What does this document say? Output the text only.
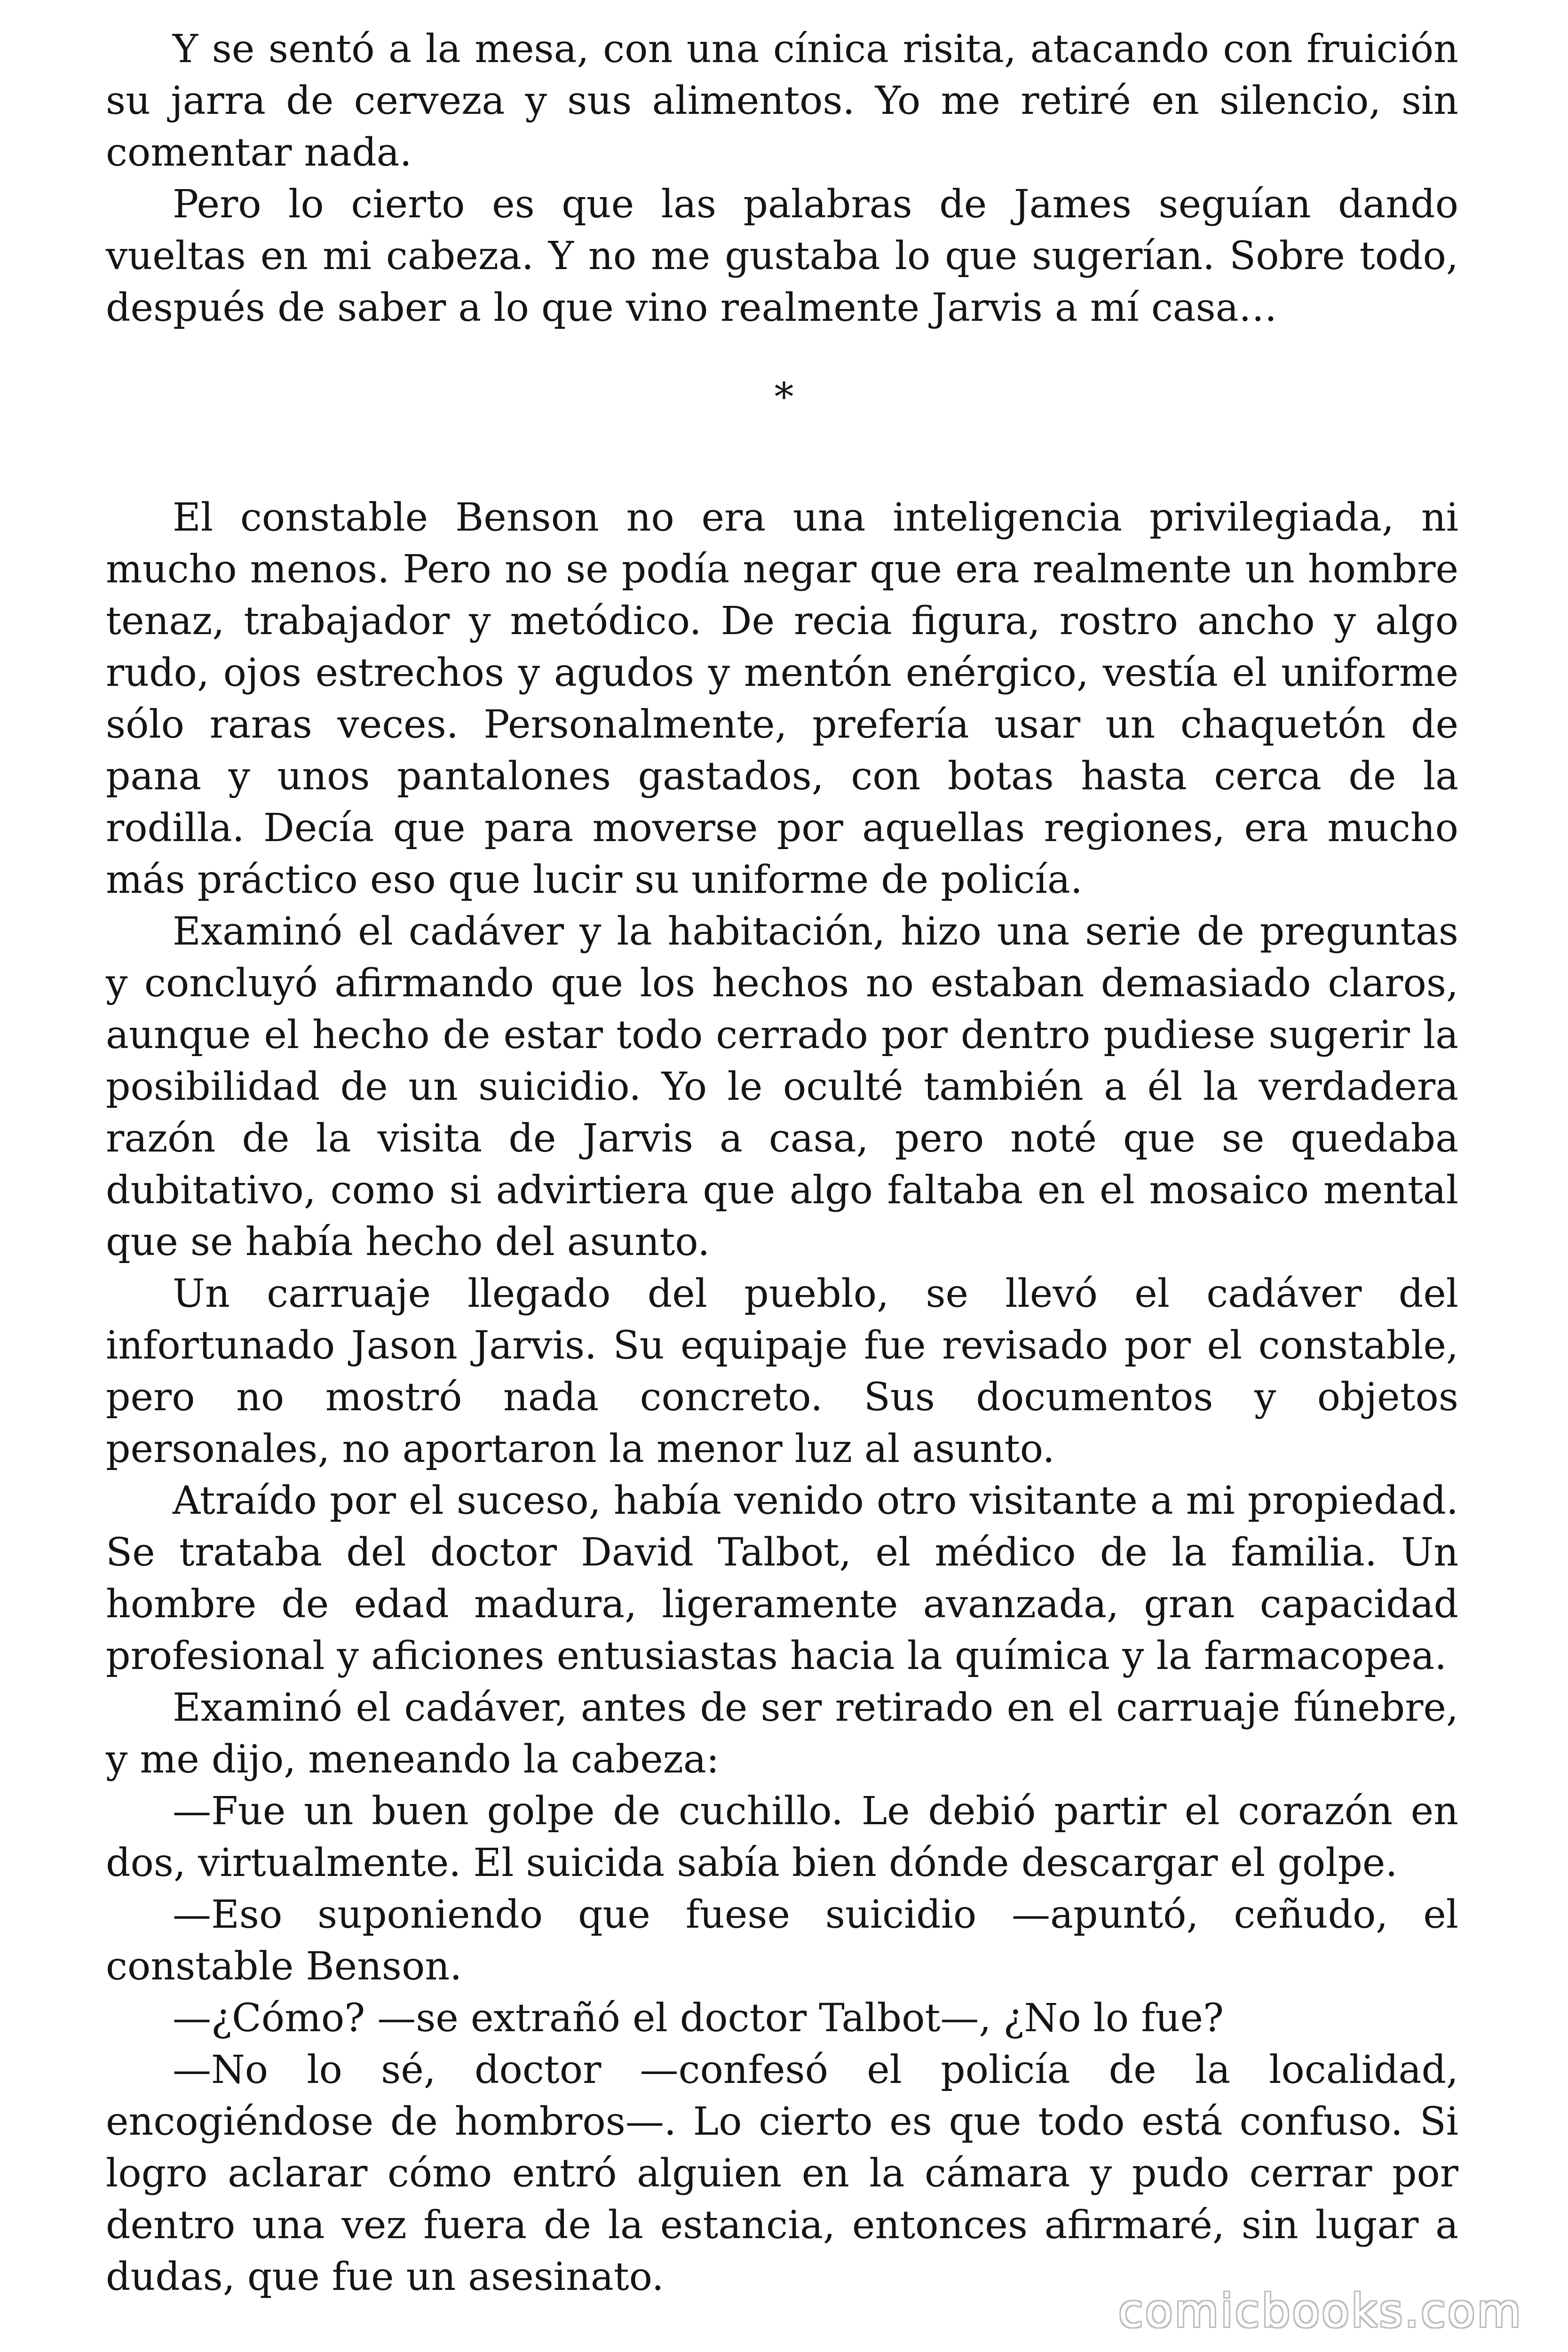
Y se sentó a la mesa, con una cínica risita, atacando con fruición su jarra de cerveza y sus alimentos. Yo me retiré en silencio, sin comentar nada.

Pero lo cierto es que las palabras de James seguían dando vueltas en mi cabeza. Y no me gustaba lo que sugerían. Sobre todo, después de saber a lo que vino realmente Jarvis a mí casa…

*

El constable Benson no era una inteligencia privilegiada, ni mucho menos. Pero no se podía negar que era realmente un hombre tenaz, trabajador y metódico. De recia figura, rostro ancho y algo rudo, ojos estrechos y agudos y mentón enérgico, vestía el uniforme sólo raras veces. Personalmente, prefería usar un chaquetón de pana y unos pantalones gastados, con botas hasta cerca de la rodilla. Decía que para moverse por aquellas regiones, era mucho más práctico eso que lucir su uniforme de policía.

Examinó el cadáver y la habitación, hizo una serie de preguntas y concluyó afirmando que los hechos no estaban demasiado claros, aunque el hecho de estar todo cerrado por dentro pudiese sugerir la posibilidad de un suicidio. Yo le oculté también a él la verdadera razón de la visita de Jarvis a casa, pero noté que se quedaba dubitativo, como si advirtiera que algo faltaba en el mosaico mental que se había hecho del asunto.

Un carruaje llegado del pueblo, se llevó el cadáver del infortunado Jason Jarvis. Su equipaje fue revisado por el constable, pero no mostró nada concreto. Sus documentos y objetos personales, no aportaron la menor luz al asunto.

Atraído por el suceso, había venido otro visitante a mi propiedad. Se trataba del doctor David Talbot, el médico de la familia. Un hombre de edad madura, ligeramente avanzada, gran capacidad profesional y aficiones entusiastas hacia la química y la farmacopea.

Examinó el cadáver, antes de ser retirado en el carruaje fúnebre, y me dijo, meneando la cabeza:

—Fue un buen golpe de cuchillo. Le debió partir el corazón en dos, virtualmente. El suicida sabía bien dónde descargar el golpe.

—Eso suponiendo que fuese suicidio —apuntó, ceñudo, el constable Benson.

—¿Cómo? —se extrañó el doctor Talbot—, ¿No lo fue?

—No lo sé, doctor —confesó el policía de la localidad, encogiéndose de hombros—. Lo cierto es que todo está confuso. Si logro aclarar cómo entró alguien en la cámara y pudo cerrar por dentro una vez fuera de la estancia, entonces afirmaré, sin lugar a dudas, que fue un asesinato.

comicbooks.com
